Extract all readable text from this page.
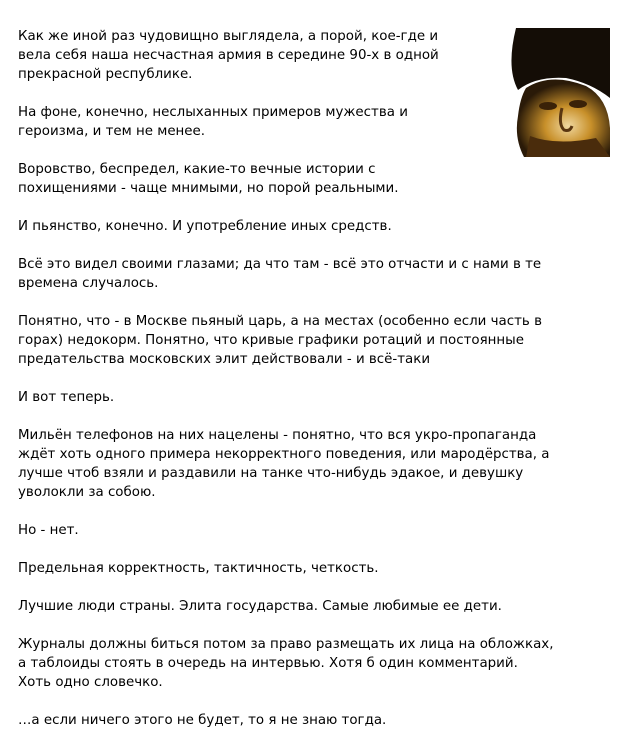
Как же иной раз чудовищно выглядела, а порой, кое-где и
вела себя наша несчастная армия в середине 90-х в одной
прекрасной республике.

На фоне, конечно, неслыханных примеров мужества и
героизма, и тем не менее.

Воровство, беспредел, какие-то вечные истории с
похищениями - чаще мнимыми, но порой реальными.

И пьянство, конечно. И употребление иных средств.

Всё это видел своими глазами; да что там - всё это отчасти и с нами в те
времена случалось.

Понятно, что - в Москве пьяный царь, а на местах (особенно если часть в
горах) недокорм. Понятно, что кривые графики ротаций и постоянные
предательства московских элит действовали - и всё-таки

И вот теперь.

Мильён телефонов на них нацелены - понятно, что вся укро-пропаганда
ждёт хоть одного примера некорректного поведения, или мародёрства, а
лучше чтоб взяли и раздавили на танке что-нибудь эдакое, и девушку
уволокли за собою.

Но - нет.

Предельная корректность, тактичность, четкость.

Лучшие люди страны. Элита государства. Самые любимые ее дети.

Журналы должны биться потом за право размещать их лица на обложках,
а таблоиды стоять в очередь на интервью. Хотя б один комментарий.
Хоть одно словечко.

…а если ничего этого не будет, то я не знаю тогда.
